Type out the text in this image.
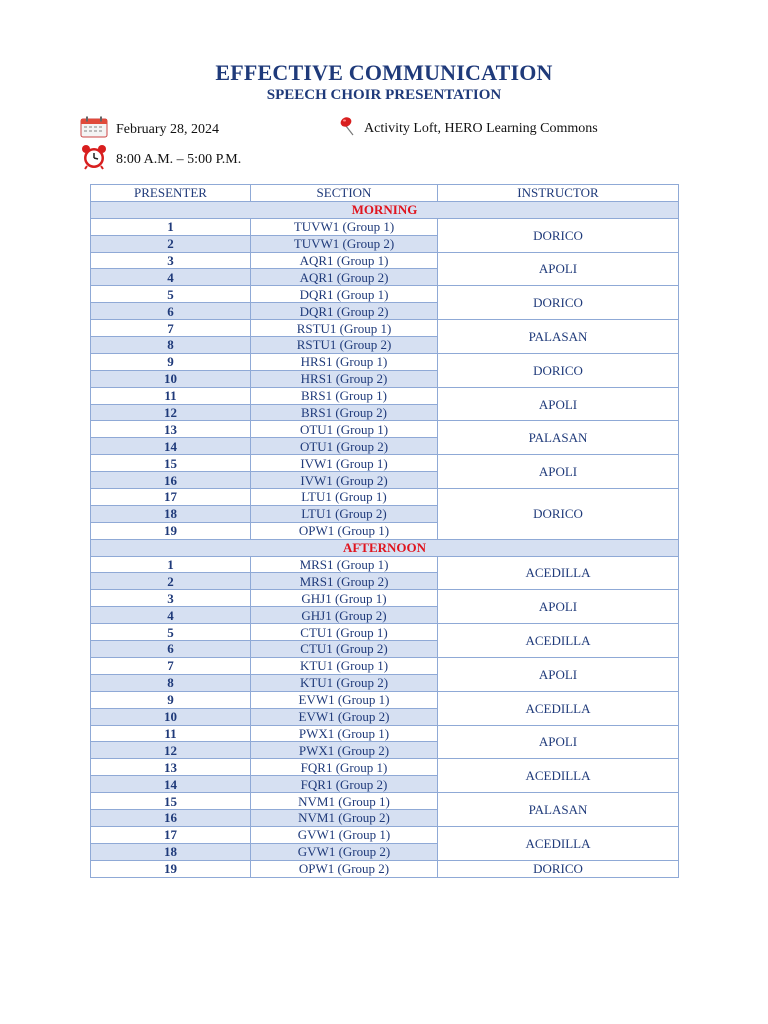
EFFECTIVE COMMUNICATION
SPEECH CHOIR PRESENTATION
February 28, 2024	Activity Loft, HERO Learning Commons
8:00 A.M. – 5:00 P.M.
PRESENTER	SECTION	INSTRUCTOR
MORNING		
1	TUVW1 (Group 1)	DORICO
2	TUVW1 (Group 2)	
3	AQR1 (Group 1)	APOLI
4	AQR1 (Group 2)	
5	DQR1 (Group 1)	DORICO
6	DQR1 (Group 2)	
7	RSTU1 (Group 1)	PALASAN
8	RSTU1 (Group 2)	
9	HRS1 (Group 1)	DORICO
10	HRS1 (Group 2)	
11	BRS1 (Group 1)	APOLI
12	BRS1 (Group 2)	
13	OTU1 (Group 1)	PALASAN
14	OTU1 (Group 2)	
15	IVW1 (Group 1)	APOLI
16	IVW1 (Group 2)	
17	LTU1 (Group 1)	DORICO
18	LTU1 (Group 2)	
19	OPW1 (Group 1)	
AFTERNOON		
1	MRS1 (Group 1)	ACEDILLA
2	MRS1 (Group 2)	
3	GHJ1 (Group 1)	APOLI
4	GHJ1 (Group 2)	
5	CTU1 (Group 1)	ACEDILLA
6	CTU1 (Group 2)	
7	KTU1 (Group 1)	APOLI
8	KTU1 (Group 2)	
9	EVW1 (Group 1)	ACEDILLA
10	EVW1 (Group 2)	
11	PWX1 (Group 1)	APOLI
12	PWX1 (Group 2)	
13	FQR1 (Group 1)	ACEDILLA
14	FQR1 (Group 2)	
15	NVM1 (Group 1)	PALASAN
16	NVM1 (Group 2)	
17	GVW1 (Group 1)	ACEDILLA
18	GVW1 (Group 2)	
19	OPW1 (Group 2)	DORICO
